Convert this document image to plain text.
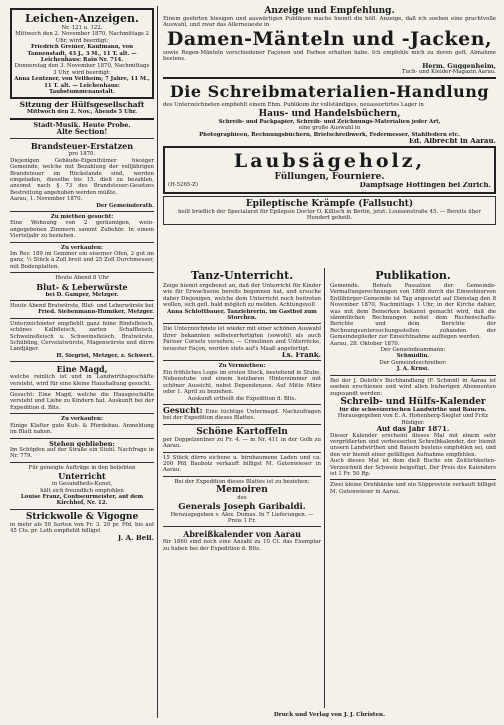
Leichen-Anzeigen.
Nr. 121 u. 122.
Mittwoch den 2. November 1870, Nachmittags 2 Uhr, wird beerdigt:
Friedrich Greiner, Kaufmann, von Tannenstadt, 43 J., 3 M., 11 T. alt. — Leichenhaus: Rain Nr. 714.
Donnerstag den 3. November 1870, Nachmittags 3 Uhr, wird beerdigt:
Anna Lentzner, von Veltheim; 7 Jahre, 11 M., 11 T. alt. — Leichenhaus: Taubstummenanstalt.
Sitzung der Hülfsgesellschaft
Mittwoch den 2. Nov., Abends 5 Uhr.
Stadt-Musik. Heute Probe.
Alte Section!
Brandsteuer-Erstatzen
pro 1870.
Diejenigen Gebäude-Eigenthümer hiesiger Gemeinde, welche mit Bezahlung der volljährigen Brandsteuer im Rückstande sind, werden eingeladen, dieselbe bis 15. dieß zu bezahlen, ansonst nach § 73 des Brandsteuer-Gesetzes Bestreitung angehoben werden müßte.
Aarau, 1. November 1870.
Der Gemeinderath.
Zu miethen gesucht:
Eine Wohnung von 2 geräumigen, wein-angegebenen Zimmern sammt Zubehör. In einem Vierteljahr zu beziehen.
Zu verkaufen:
Im Rev. 189 im Gemmer ein eiserner Ofen, 2 gut im ganz, ½ Stück à Zoll breit und 25 Zoll Durchmesser, mit Bodenplatten.
Heute Abend 8 Uhr
Blut- & Leberwürste
bei D. Gamper, Metzger.
Heute Abend Bratwürste, Blut- und Leberwürste bei
Fried. Siebenmann-Humiker, Metzger.
Unterzeichneter empfiehlt ganz feine Rindsfleisch, schönes Kalbfleisch, zarten Schaffleisch, Schweinsfleisch u. Schweinsfleisch, Bratwürste, Schübling, Cervelatwürste, Magenwürste und dürre Landjäger.
H. Siegrist, Metzger, z. Schwert.
Eine Magd,
welche reinlich ist und in Landwirthsgeschäfte versteht, wird für eine kleine Haushaltung gesucht.
Gesucht: Eine Magd, welche die Hausgeschäfte versteht und Liebe zu Kindern hat. Auskunft bei der Expedition d. Blts.
Zu verkaufen:
Einige Klafter gute Kuh- & Pferdebau. Anmeldung im Blatt nahen.
Stehen geblieben:
Im Schöpfen auf der Straße ein Stuhl. Nachfrage in Nr. 779.
Für geneigte Aufträge in den beliebten
Unterricht
in Gesundheits-Kunst,
hält sich freundlich empfohlen
Louise Franz, Confiseurmeister, auf dem Kirchhof, Nr. 12.
Strickwolle & Vigogne
in mehr als 50 Sorten von Fr. 3. 20 pr. Pfd. bis auf 45 Cts. pr. Loth empfiehlt billigst
J. A. Bell.
Anzeige und Empfehlung.
Einem geehrten hiesigen und auswärtigen Publikum mache hiemit die höfl. Anzeige, daß ich soeben eine prachtvolle Auswahl, und zwar das Allerneueste in
Damen-Mänteln und -Jacken,
sowie Regen-Mänteln verschiedener Façonen und Farben erhalten habe. Ich empfehle mich zu deren geft. Abnahme bestens.
Herm. Guggenheim,
Tuch- und Kleider-Magazin Aarau.
Die Schreibmaterialien-Handlung
des Unterzeichneten empfiehlt einem Ehm. Publikum ihr vollständiges, neuassortirtes Lager in
Haus- und Handelsbüchern,
Schreib- und Packpapier, Schreib- und Zeichnungs-Materialien jeder Art,
eine große Auswahl in
Photographieen, Rechnungsbüchern, Briefschreibwerk, Federmesser, Stahlfedern etc.
Ed. Albrecht in Aarau.
Laubsägeholz,
Füllungen, Fourniere.
(H-5265-Z)	Dampfsäge Hottingen bei Zürich.
Epileptische Krämpfe (Fallsucht)
heilt brieflich der Specialarzt für Epilepsie Doctor O. Killisch in Berlin, jetzt: Louisenstraße 45. — Bereits über Hundert geheilt.
Tanz-Unterricht.
Zeige hiemit ergebenst an, daß der Unterricht für Kinder wie für Erwachsene bereits begonnen hat, und ersuche daher Diejenigen, welche dem Unterricht noch beitreten wollen, sich gefl. bald möglich zu melden. Achtungsvoll
Anna Schlottbauer, Tanzlehrerin, im Gasthof zum Storchen.
Die Unterzeichnete ist wieder mit einer schönen Auswahl ihrer bekannten selbstverfertigten (sowohl) als auch Pariser Corsets versehen; — Crinolinen und Unterröcke, neuester Façon, werden stets auf's Maaß angefertigt.
Ls. Frank.
Zu Vermiethen:
Ein fröhliches Logis im ersten Stock, bestehend in Stube, Nebenstube und einem heizbaren Hinterzimmer mit schöner Aussicht, nebst Dependenzen. Auf Mitte März oder 1. April zu beziehen.
Auskunft ertheilt die Expedition d. Blts.
Gesucht: Eine tüchtige Untermagd. Nachzufragen bei der Expedition dieses Blattes.
Schöne Kartoffeln
per Doppelzentner zu Fr. 4. — in Nr. 411 in der Golb zu Aarau.
15 Stück dürre eichene u. birnbaumene Laden und ca. 200 Pfd Baubolz verkauft billigst M. Gutenwieser in Aarau.
Bei der Expedition dieses Blattes ist zu beziehen:
Memoiren
des
Generals Joseph Garibaldi.
Herausgegeben v. Alex. Dumas. In 7 Lieferungen. — Preis 1 Fr.
Abreißkalender von Aarau
für 1860 sind noch eine Anzahl zu 10 Ct. das Exemplar zu haben bei der Expedition d. Blts.
Publikation.
Gemeinde. Behufs Passation der Gemeinde-Vermaltungsrechnungen von 1869 durch die Einwohnervon Entlibürger-Gemeinde ist Tag angesetzt auf Dienstag den 8 November 1870, Nachmittags 1 Uhr, in der Kirche dahier, was mit dem Bemerken bekannt gemacht wird, daß die sämmtlichen Rechnungen nebst dem Rechenschafts-Berichte und dem Berichte der Rechnungsuntersuchungsstellen zuhanden der Gemeindeglieder zur Einsichtnahme aufliegen werden.
Aarau, 28. Oktober 1870.
Der Gemeindeammann:
Schmidlin.
Der Gemeindeschreiber:
J. A. Krüsi.
Bei der J. Doloth's Buchhandlung (F. Schmid) in Aarau ist soeben erschienen und wird allen bisherigen Abonnenten zugesandt werden:
Schreib- und Hülfs-Kalender
für die schweizerischen Landwirthe und Bauern.
Herausgegeben von E. A. Hohenberg-Siegler und Fritz Rüdiger.
Auf das Jahr 1871.
Dieser Kalender erscheint dieses Mal mit einem sehr vergrößerten und verbesserten Schreibkalender, der hiemit unsern Landwirthen und Bauern bestens empfohlen sei, und den wir hiemit einer gefälligen Aufnahme empfehlen.
Auch dieses Mal ist dem dieß Buche ein Zeitlichkeiten-Verzeichniß der Schweiz beigefügt. Der Preis des Kalenders ist 1 Fr. 50 Rp.
Zwei kleine Drehbänke und ein Süpproviste verkauft billigst M. Gutenwieser in Aarau.
Druck und Verlag von J. J. Christen.
